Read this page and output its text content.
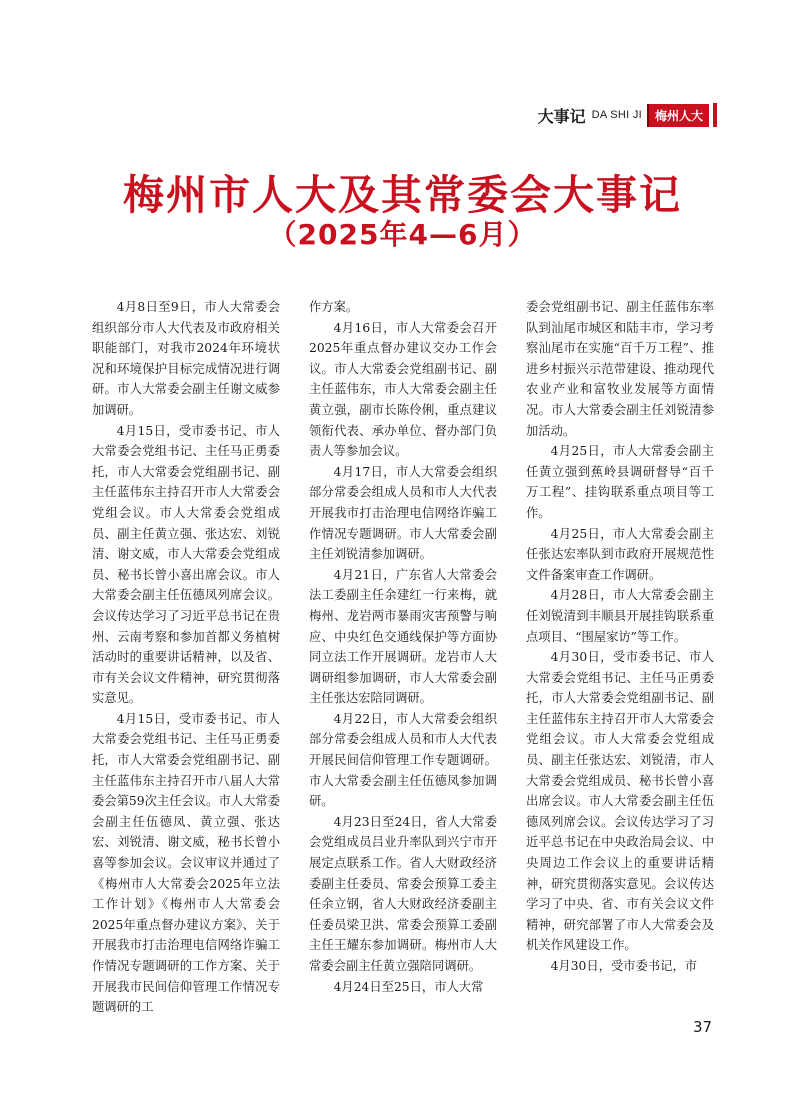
大事记 DA SHI JI	梅州人大
梅州市人大及其常委会大事记
（2025年4—6月）

4月8日至9日，市人大常委会组织部分市人大代表及市政府相关职能部门，对我市2024年环境状况和环境保护目标完成情况进行调研。市人大常委会副主任谢文威参加调研。

4月15日，受市委书记、市人大常委会党组书记、主任马正勇委托，市人大常委会党组副书记、副主任蓝伟东主持召开市人大常委会党组会议。市人大常委会党组成员、副主任黄立强、张达宏、刘锐清、谢文威，市人大常委会党组成员、秘书长曾小喜出席会议。市人大常委会副主任伍德凤列席会议。会议传达学习了习近平总书记在贵州、云南考察和参加首都义务植树活动时的重要讲话精神，以及省、市有关会议文件精神，研究贯彻落实意见。

4月15日，受市委书记、市人大常委会党组书记、主任马正勇委托，市人大常委会党组副书记、副主任蓝伟东主持召开市八届人大常委会第59次主任会议。市人大常委会副主任伍德凤、黄立强、张达宏、刘锐清、谢文威，秘书长曾小喜等参加会议。会议审议并通过了《梅州市人大常委会2025年立法工作计划》《梅州市人大常委会2025年重点督办建议方案》、关于开展我市打击治理电信网络诈骗工作情况专题调研的工作方案、关于开展我市民间信仰管理工作情况专题调研的工

作方案。

4月16日，市人大常委会召开2025年重点督办建议交办工作会议。市人大常委会党组副书记、副主任蓝伟东，市人大常委会副主任黄立强，副市长陈伶俐，重点建议领衔代表、承办单位、督办部门负责人等参加会议。

4月17日，市人大常委会组织部分常委会组成人员和市人大代表开展我市打击治理电信网络诈骗工作情况专题调研。市人大常委会副主任刘锐清参加调研。

4月21日，广东省人大常委会法工委副主任余建红一行来梅，就梅州、龙岩两市暴雨灾害预警与响应、中央红色交通线保护等方面协同立法工作开展调研。龙岩市人大调研组参加调研，市人大常委会副主任张达宏陪同调研。

4月22日，市人大常委会组织部分常委会组成人员和市人大代表开展民间信仰管理工作专题调研。市人大常委会副主任伍德凤参加调研。

4月23日至24日，省人大常委会党组成员吕业升率队到兴宁市开展定点联系工作。省人大财政经济委副主任委员、常委会预算工委主任余立钢，省人大财政经济委副主任委员梁卫洪、常委会预算工委副主任王耀东参加调研。梅州市人大常委会副主任黄立强陪同调研。

4月24日至25日，市人大常

委会党组副书记、副主任蓝伟东率队到汕尾市城区和陆丰市，学习考察汕尾市在实施“百千万工程”、推进乡村振兴示范带建设、推动现代农业产业和富牧业发展等方面情况。市人大常委会副主任刘锐清参加活动。

4月25日，市人大常委会副主任黄立强到蕉岭县调研督导“百千万工程”、挂钩联系重点项目等工作。

4月25日，市人大常委会副主任张达宏率队到市政府开展规范性文件备案审查工作调研。

4月28日，市人大常委会副主任刘锐清到丰顺县开展挂钩联系重点项目、“围屋家访”等工作。

4月30日，受市委书记、市人大常委会党组书记、主任马正勇委托，市人大常委会党组副书记、副主任蓝伟东主持召开市人大常委会党组会议。市人大常委会党组成员、副主任张达宏、刘锐清，市人大常委会党组成员、秘书长曾小喜出席会议。市人大常委会副主任伍德凤列席会议。会议传达学习了习近平总书记在中央政治局会议、中央周边工作会议上的重要讲话精神，研究贯彻落实意见。会议传达学习了中央、省、市有关会议文件精神，研究部署了市人大常委会及机关作风建设工作。

4月30日，受市委书记，市

37
